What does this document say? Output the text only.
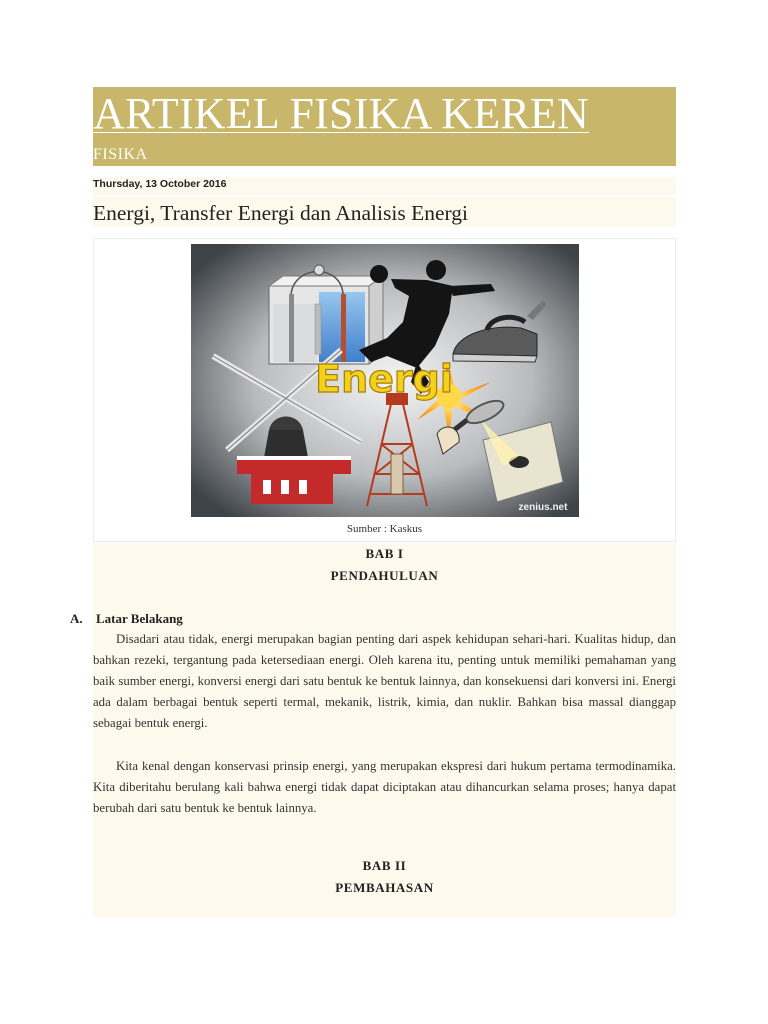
ARTIKEL FISIKA KEREN
FISIKA
Thursday, 13 October 2016
Energi, Transfer Energi dan Analisis Energi
Energi
zenius.net
Sumber : Kaskus
BAB I
PENDAHULUAN
BAB II
PEMBAHASAN
A. Latar Belakang
Disadari atau tidak, energi merupakan bagian penting dari aspek kehidupan sehari-hari. Kualitas hidup, dan bahkan rezeki, tergantung pada ketersediaan energi. Oleh karena itu, penting untuk memiliki pemahaman yang baik sumber energi, konversi energi dari satu bentuk ke bentuk lainnya, dan konsekuensi dari konversi ini. Energi ada dalam berbagai bentuk seperti termal, mekanik, listrik, kimia, dan nuklir. Bahkan bisa massal dianggap sebagai bentuk energi.
Kita kenal dengan konservasi prinsip energi, yang merupakan ekspresi dari hukum pertama termodinamika. Kita diberitahu berulang kali bahwa energi tidak dapat diciptakan atau dihancurkan selama proses; hanya dapat berubah dari satu bentuk ke bentuk lainnya.
